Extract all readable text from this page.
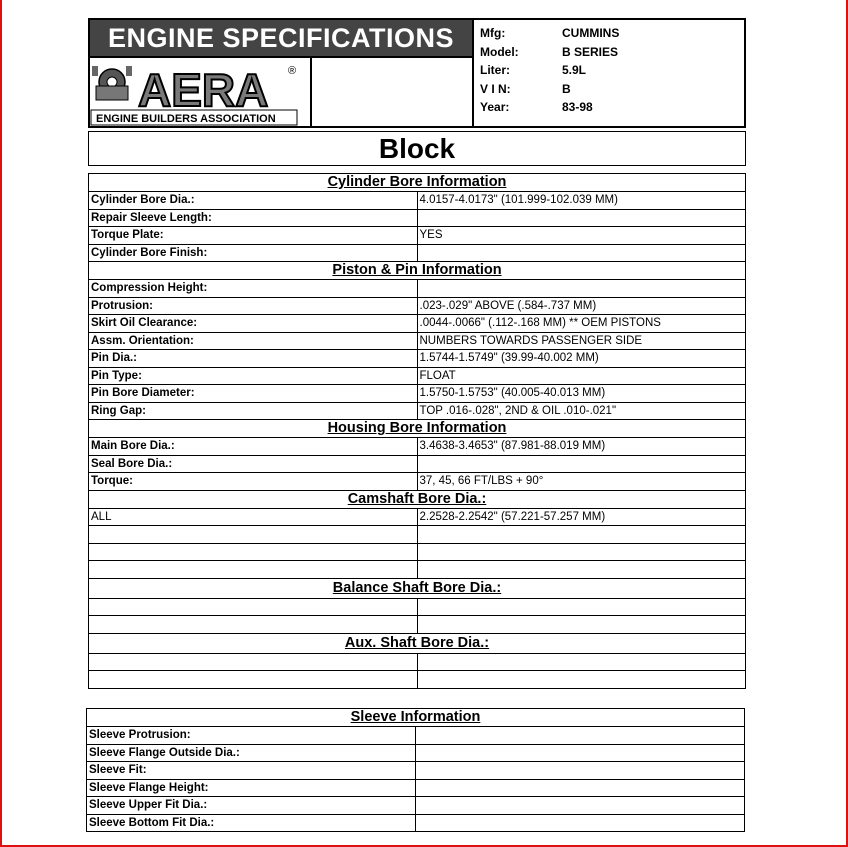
ENGINE SPECIFICATIONS
AERA ®
ENGINE BUILDERS ASSOCIATION
Mfg:	CUMMINS
Model:	B SERIES
Liter:	5.9L
V I N:	B
Year:	83-98
Block
Cylinder Bore Information	
Cylinder Bore Dia.:	4.0157-4.0173" (101.999-102.039 MM)
Repair Sleeve Length:	
Torque Plate:	YES
Cylinder Bore Finish:	
Piston & Pin Information	
Compression Height:	
Protrusion:	.023-.029" ABOVE (.584-.737 MM)
Skirt Oil Clearance:	.0044-.0066" (.112-.168 MM) ** OEM PISTONS
Assm. Orientation:	NUMBERS TOWARDS PASSENGER SIDE
Pin Dia.:	1.5744-1.5749" (39.99-40.002 MM)
Pin Type:	FLOAT
Pin Bore Diameter:	1.5750-1.5753" (40.005-40.013 MM)
Ring Gap:	TOP .016-.028", 2ND & OIL .010-.021"
Housing Bore Information	
Main Bore Dia.:	3.4638-3.4653" (87.981-88.019 MM)
Seal Bore Dia.:	
Torque:	37, 45, 66 FT/LBS + 90°
Camshaft Bore Dia.:	
ALL	2.2528-2.2542" (57.221-57.257 MM)

Balance Shaft Bore Dia.:	

Aux. Shaft Bore Dia.:	

Sleeve Information	
Sleeve Protrusion:	
Sleeve Flange Outside Dia.:	
Sleeve Fit:	
Sleeve Flange Height:	
Sleeve Upper Fit Dia.:	
Sleeve Bottom Fit Dia.:	
